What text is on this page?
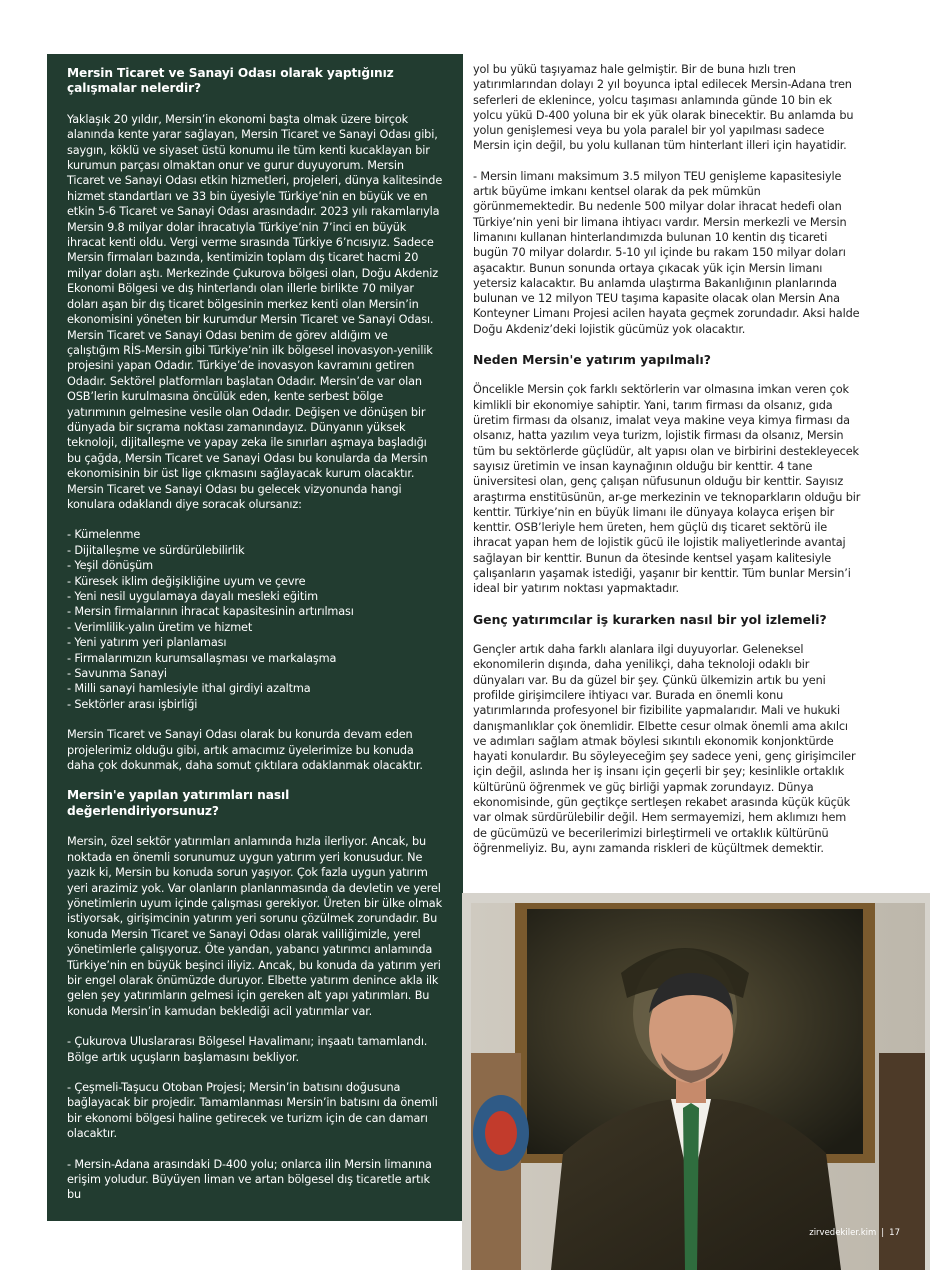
Mersin Ticaret ve Sanayi Odası olarak yaptığınız çalışmalar nelerdir?

Yaklaşık 20 yıldır, Mersin’in ekonomi başta olmak üzere birçok alanında kente yarar sağlayan, Mersin Ticaret ve Sanayi Odası gibi, saygın, köklü ve siyaset üstü konumu ile tüm kenti kucaklayan bir kurumun parçası olmaktan onur ve gurur duyuyorum. Mersin Ticaret ve Sanayi Odası etkin hizmetleri, projeleri, dünya kalitesinde hizmet standartları ve 33 bin üyesiyle Türkiye’nin en büyük ve en etkin 5-6 Ticaret ve Sanayi Odası arasındadır. 2023 yılı rakamlarıyla Mersin 9.8 milyar dolar ihracatıyla Türkiye’nin 7’inci en büyük ihracat kenti oldu. Vergi verme sırasında Türkiye 6’ncısıyız. Sadece Mersin firmaları bazında, kentimizin toplam dış ticaret hacmi 20 milyar doları aştı. Merkezinde Çukurova bölgesi olan, Doğu Akdeniz Ekonomi Bölgesi ve dış hinterlandı olan illerle birlikte 70 milyar doları aşan bir dış ticaret bölgesinin merkez kenti olan Mersin’in ekonomisini yöneten bir kurumdur Mersin Ticaret ve Sanayi Odası. Mersin Ticaret ve Sanayi Odası benim de görev aldığım ve çalıştığım RİS-Mersin gibi Türkiye’nin ilk bölgesel inovasyon-yenilik projesini yapan Odadır. Türkiye’de inovasyon kavramını getiren Odadır. Sektörel platformları başlatan Odadır. Mersin’de var olan OSB’lerin kurulmasına öncülük eden, kente serbest bölge yatırımının gelmesine vesile olan Odadır. Değişen ve dönüşen bir dünyada bir sıçrama noktası zamanındayız. Dünyanın yüksek teknoloji, dijitalleşme ve yapay zeka ile sınırları aşmaya başladığı bu çağda, Mersin Ticaret ve Sanayi Odası bu konularda da Mersin ekonomisinin bir üst lige çıkmasını sağlayacak kurum olacaktır. Mersin Ticaret ve Sanayi Odası bu gelecek vizyonunda hangi konulara odaklandı diye soracak olursanız:

- Kümelenme

- Dijitalleşme ve sürdürülebilirlik

- Yeşil dönüşüm

- Küresek iklim değişikliğine uyum ve çevre

- Yeni nesil uygulamaya dayalı mesleki eğitim

- Mersin firmalarının ihracat kapasitesinin artırılması

- Verimlilik-yalın üretim ve hizmet

- Yeni yatırım yeri planlaması

- Firmalarımızın kurumsallaşması ve markalaşma

- Savunma Sanayi

- Milli sanayi hamlesiyle ithal girdiyi azaltma

- Sektörler arası işbirliği

Mersin Ticaret ve Sanayi Odası olarak bu konurda devam eden projelerimiz olduğu gibi, artık amacımız üyelerimize bu konuda daha çok dokunmak, daha somut çıktılara odaklanmak olacaktır.

Mersin'e yapılan yatırımları nasıl değerlendiriyorsunuz?

Mersin, özel sektör yatırımları anlamında hızla ilerliyor. Ancak, bu noktada en önemli sorunumuz uygun yatırım yeri konusudur. Ne yazık ki, Mersin bu konuda sorun yaşıyor. Çok fazla uygun yatırım yeri arazimiz yok. Var olanların planlanmasında da devletin ve yerel yönetimlerin uyum içinde çalışması gerekiyor. Üreten bir ülke olmak istiyorsak, girişimcinin yatırım yeri sorunu çözülmek zorundadır. Bu konuda Mersin Ticaret ve Sanayi Odası olarak valiliğimizle, yerel yönetimlerle çalışıyoruz. Öte yandan, yabancı yatırımcı anlamında Türkiye’nin en büyük beşinci iliyiz. Ancak, bu konuda da yatırım yeri bir engel olarak önümüzde duruyor. Elbette yatırım denince akla ilk gelen şey yatırımların gelmesi için gereken alt yapı yatırımları. Bu konuda Mersin’in kamudan beklediği acil yatırımlar var.

- Çukurova Uluslararası Bölgesel Havalimanı; inşaatı tamamlandı. Bölge artık uçuşların başlamasını bekliyor.

- Çeşmeli-Taşucu Otoban Projesi; Mersin’in batısını doğusuna bağlayacak bir projedir. Tamamlanması Mersin’in batısını da önemli bir ekonomi bölgesi haline getirecek ve turizm için de can damarı olacaktır.

- Mersin-Adana arasındaki D-400 yolu; onlarca ilin Mersin limanına erişim yoludur. Büyüyen liman ve artan bölgesel dış ticaretle artık bu

yol bu yükü taşıyamaz hale gelmiştir. Bir de buna hızlı tren yatırımlarından dolayı 2 yıl boyunca iptal edilecek Mersin-Adana tren seferleri de eklenince, yolcu taşıması anlamında günde 10 bin ek yolcu yükü D-400 yoluna bir ek yük olarak binecektir. Bu anlamda bu yolun genişlemesi veya bu yola paralel bir yol yapılması sadece Mersin için değil, bu yolu kullanan tüm hinterlant illeri için hayatidir.

- Mersin limanı maksimum 3.5 milyon TEU genişleme kapasitesiyle artık büyüme imkanı kentsel olarak da pek mümkün görünmemektedir. Bu nedenle 500 milyar dolar ihracat hedefi olan Türkiye’nin yeni bir limana ihtiyacı vardır. Mersin merkezli ve Mersin limanını kullanan hinterlandımızda bulunan 10 kentin dış ticareti bugün 70 milyar dolardır. 5-10 yıl içinde bu rakam 150 milyar doları aşacaktır. Bunun sonunda ortaya çıkacak yük için Mersin limanı yetersiz kalacaktır. Bu anlamda ulaştırma Bakanlığının planlarında bulunan ve 12 milyon TEU taşıma kapasite olacak olan Mersin Ana Konteyner Limanı Projesi acilen hayata geçmek zorundadır. Aksi halde Doğu Akdeniz’deki lojistik gücümüz yok olacaktır.

Neden Mersin'e yatırım yapılmalı?

Öncelikle Mersin çok farklı sektörlerin var olmasına imkan veren çok kimlikli bir ekonomiye sahiptir. Yani, tarım firması da olsanız, gıda üretim firması da olsanız, imalat veya makine veya kimya firması da olsanız, hatta yazılım veya turizm, lojistik firması da olsanız, Mersin tüm bu sektörlerde güçlüdür, alt yapısı olan ve birbirini destekleyecek sayısız üretimin ve insan kaynağının olduğu bir kenttir. 4 tane üniversitesi olan, genç çalışan nüfusunun olduğu bir kenttir. Sayısız araştırma enstitüsünün, ar-ge merkezinin ve teknoparkların olduğu bir kenttir. Türkiye’nin en büyük limanı ile dünyaya kolayca erişen bir kenttir. OSB’leriyle hem üreten, hem güçlü dış ticaret sektörü ile ihracat yapan hem de lojistik gücü ile lojistik maliyetlerinde avantaj sağlayan bir kenttir. Bunun da ötesinde kentsel yaşam kalitesiyle çalışanların yaşamak istediği, yaşanır bir kenttir. Tüm bunlar Mersin’i ideal bir yatırım noktası yapmaktadır.

Genç yatırımcılar iş kurarken nasıl bir yol izlemeli?

Gençler artık daha farklı alanlara ilgi duyuyorlar. Geleneksel ekonomilerin dışında, daha yenilikçi, daha teknoloji odaklı bir dünyaları var. Bu da güzel bir şey. Çünkü ülkemizin artık bu yeni profilde girişimcilere ihtiyacı var. Burada en önemli konu yatırımlarında profesyonel bir fizibilite yapmalarıdır. Mali ve hukuki danışmanlıklar çok önemlidir. Elbette cesur olmak önemli ama akılcı ve adımları sağlam atmak böylesi sıkıntılı ekonomik konjonktürde hayati konulardır. Bu söyleyeceğim şey sadece yeni, genç girişimciler için değil, aslında her iş insanı için geçerli bir şey; kesinlikle ortaklık kültürünü öğrenmek ve güç birliği yapmak zorundayız. Dünya ekonomisinde, gün geçtikçe sertleşen rekabet arasında küçük küçük var olmak sürdürülebilir değil. Hem sermayemizi, hem aklımızı hem de gücümüzü ve becerilerimizi birleştirmeli ve ortaklık kültürünü öğrenmeliyiz. Bu, aynı zamanda riskleri de küçültmek demektir.

zirvedekiler.kim | 17
